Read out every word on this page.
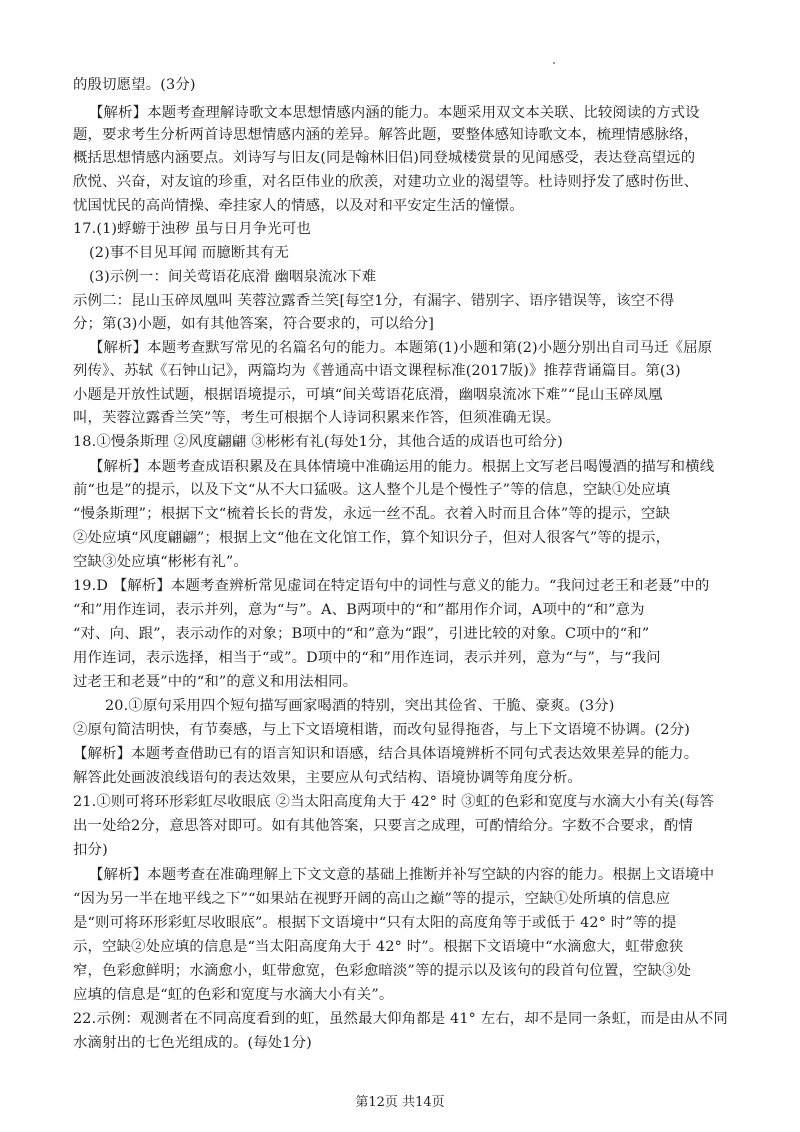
的殷切愿望。(3分)
【解析】本题考查理解诗歌文本思想情感内涵的能力。本题采用双文本关联、比较阅读的方式设
题，要求考生分析两首诗思想情感内涵的差异。解答此题，要整体感知诗歌文本，梳理情感脉络，
概括思想情感内涵要点。刘诗写与旧友(同是翰林旧侣)同登城楼赏景的见闻感受，表达登高望远的
欣悦、兴奋，对友谊的珍重，对名臣伟业的欣羡，对建功立业的渴望等。杜诗则抒发了感时伤世、
忧国忧民的高尚情操、牵挂家人的情感，以及对和平安定生活的憧憬。
17.(1)蜉蝣于浊秽 虽与日月争光可也
(2)事不目见耳闻 而臆断其有无
(3)示例一：间关莺语花底滑 幽咽泉流冰下难
示例二：昆山玉碎凤凰叫 芙蓉泣露香兰笑[每空1分，有漏字、错别字、语序错误等，该空不得
分；第(3)小题，如有其他答案，符合要求的，可以给分]
【解析】本题考查默写常见的名篇名句的能力。本题第(1)小题和第(2)小题分别出自司马迁《屈原
列传》、苏轼《石钟山记》，两篇均为《普通高中语文课程标准(2017版)》推荐背诵篇目。第(3)
小题是开放性试题，根据语境提示，可填“间关莺语花底滑，幽咽泉流冰下难”“昆山玉碎凤凰
叫，芙蓉泣露香兰笑”等，考生可根据个人诗词积累来作答，但须准确无误。
18.①慢条斯理 ②风度翩翩 ③彬彬有礼(每处1分，其他合适的成语也可给分)
【解析】本题考查成语积累及在具体情境中准确运用的能力。根据上文写老吕喝馒酒的描写和横线
前“也是”的提示，以及下文“从不大口猛吸。这人整个儿是个慢性子”等的信息，空缺①处应填
“慢条斯理”；根据下文“梳着长长的背发，永远一丝不乱。衣着入时而且合体”等的提示，空缺
②处应填“风度翩翩”；根据上文“他在文化馆工作，算个知识分子，但对人很客气”等的提示，
空缺③处应填“彬彬有礼”。
19.D 【解析】本题考查辨析常见虚词在特定语句中的词性与意义的能力。“我问过老王和老聂”中的
“和”用作连词，表示并列，意为“与”。A、B两项中的“和”都用作介词，A项中的“和”意为
“对、向、跟”，表示动作的对象；B项中的“和”意为“跟”，引进比较的对象。C项中的“和”
用作连词，表示选择，相当于“或”。D项中的“和”用作连词，表示并列，意为“与”，与“我问
过老王和老聂”中的“和”的意义和用法相同。
20.①原句采用四个短句描写画家喝酒的特别，突出其俭省、干脆、豪爽。(3分)
②原句简洁明快，有节奏感，与上下文语境相谐，而改句显得拖沓，与上下文语境不协调。(2分)
【解析】本题考查借助已有的语言知识和语感，结合具体语境辨析不同句式表达效果差异的能力。
解答此处画波浪线语句的表达效果，主要应从句式结构、语境协调等角度分析。
21.①则可将环形彩虹尽收眼底 ②当太阳高度角大于 42° 时 ③虹的色彩和宽度与水滴大小有关(每答
出一处给2分，意思答对即可。如有其他答案，只要言之成理，可酌情给分。字数不合要求，酌情
扣分)
【解析】本题考查在准确理解上下文文意的基础上推断并补写空缺的内容的能力。根据上文语境中
“因为另一半在地平线之下”“如果站在视野开阔的高山之巅”等的提示，空缺①处所填的信息应
是“则可将环形彩虹尽收眼底”。根据下文语境中“只有太阳的高度角等于或低于 42° 时”等的提
示，空缺②处应填的信息是“当太阳高度角大于 42° 时”。根据下文语境中“水滴愈大，虹带愈狭
窄，色彩愈鲜明；水滴愈小，虹带愈宽，色彩愈暗淡”等的提示以及该句的段首句位置，空缺③处
应填的信息是“虹的色彩和宽度与水滴大小有关”。
22.示例：观测者在不同高度看到的虹，虽然最大仰角都是 41° 左右，却不是同一条虹，而是由从不同
水滴射出的七色光组成的。(每处1分)
第12页 共14页
